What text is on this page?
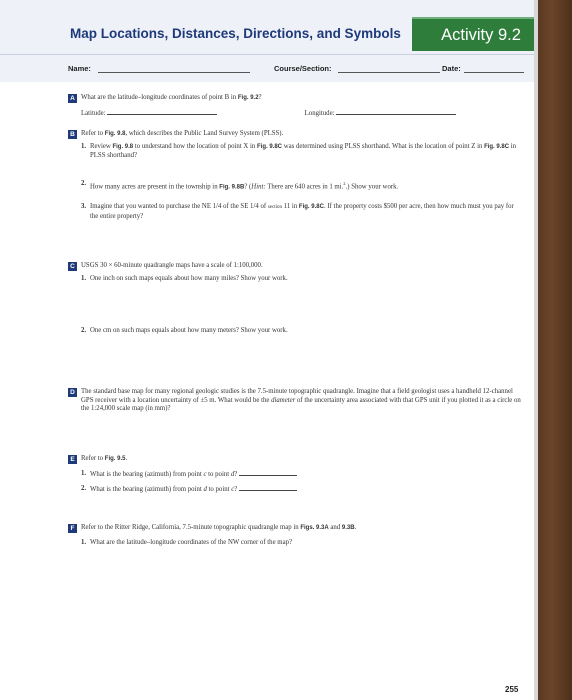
Map Locations, Distances, Directions, and Symbols	Activity 9.2
Name:	Course/Section:	Date:
A What are the latitude–longitude coordinates of point B in Fig. 9.2?
Latitude:	Longitude:
B Refer to Fig. 9.8, which describes the Public Land Survey System (PLSS).
1. Review Fig. 9.8 to understand how the location of point X in Fig. 9.8C was determined using PLSS shorthand. What is the location of point Z in Fig. 9.8C in PLSS shorthand?
2. How many acres are present in the township in Fig. 9.8B? (Hint: There are 640 acres in 1 mi.$^2$.) Show your work.
3. Imagine that you wanted to purchase the NE 1/4 of the SE 1/4 of section 11 in Fig. 9.8C. If the property costs $500 per acre, then how much must you pay for the entire property?
C USGS 30 × 60-minute quadrangle maps have a scale of 1:100,000.
1. One inch on such maps equals about how many miles? Show your work.
2. One cm on such maps equals about how many meters? Show your work.
D The standard base map for many regional geologic studies is the 7.5-minute topographic quadrangle. Imagine that a field geologist uses a handheld 12-channel GPS receiver with a location uncertainty of ±5 m. What would be the diameter of the uncertainty area associated with that GPS unit if you plotted it as a circle on the 1:24,000 scale map (in mm)?
E Refer to Fig. 9.5.
1. What is the bearing (azimuth) from point c to point d?
2. What is the bearing (azimuth) from point d to point c?
F Refer to the Ritter Ridge, California, 7.5-minute topographic quadrangle map in Figs. 9.3A and 9.3B.
1. What are the latitude–longitude coordinates of the NW corner of the map?
255
